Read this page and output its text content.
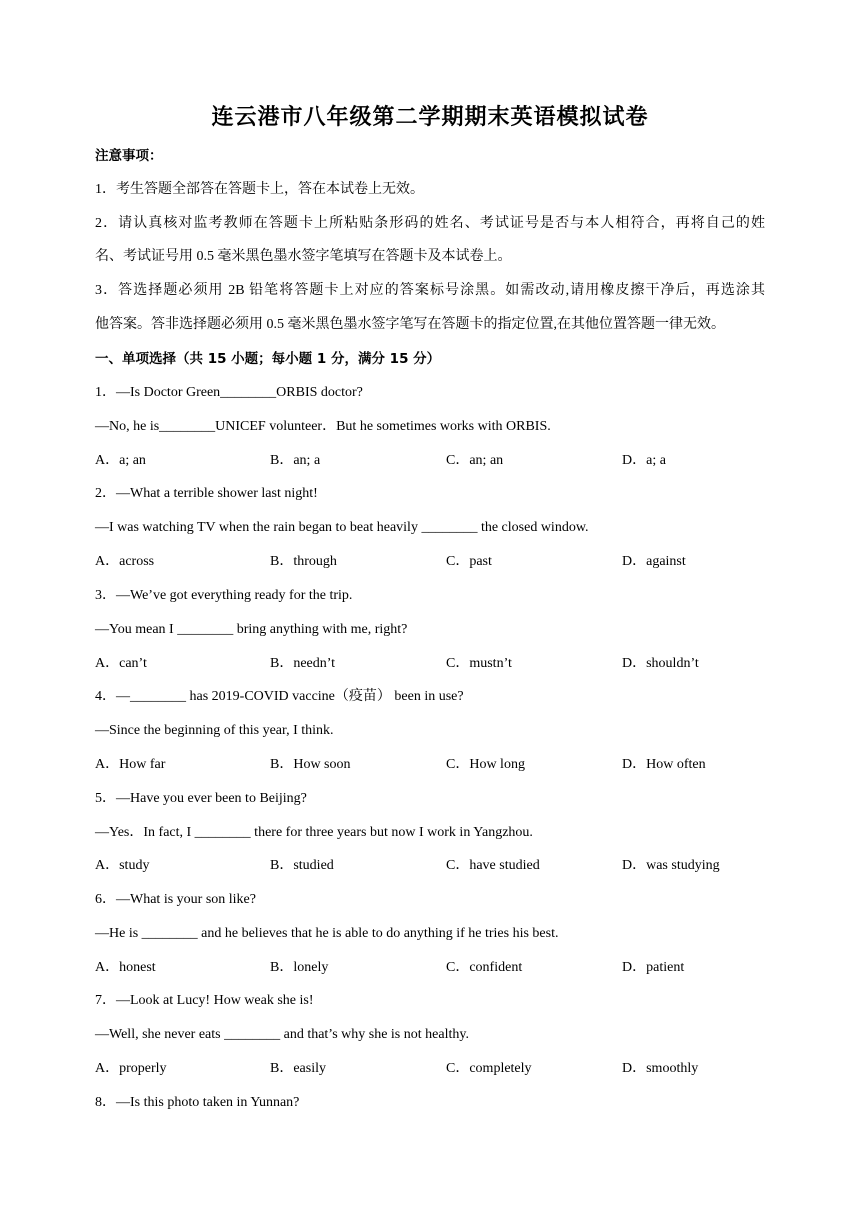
连云港市八年级第二学期期末英语模拟试卷
注意事项：
1．考生答题全部答在答题卡上，答在本试卷上无效。
2．请认真核对监考教师在答题卡上所粘贴条形码的姓名、考试证号是否与本人相符合，再将自己的姓
名、考试证号用 0.5 毫米黑色墨水签字笔填写在答题卡及本试卷上。
3．答选择题必须用 2B 铅笔将答题卡上对应的答案标号涂黑。如需改动,请用橡皮擦干净后，再选涂其
他答案。答非选择题必须用 0.5 毫米黑色墨水签字笔写在答题卡的指定位置,在其他位置答题一律无效。
一、单项选择（共 15 小题；每小题 1 分，满分 15 分）
1．—Is Doctor Green________ORBIS doctor?
—No, he is________UNICEF volunteer．But he sometimes works with ORBIS.
A．a; an	B．an; a	C．an; an	D．a; a
2．—What a terrible shower last night!
—I was watching TV when the rain began to beat heavily ________ the closed window.
A．across	B．through	C．past	D．against
3．—We’ve got everything ready for the trip.
—You mean I ________ bring anything with me, right?
A．can’t	B．needn’t	C．mustn’t	D．shouldn’t
4．—________ has 2019-COVID vaccine（疫苗） been in use?
—Since the beginning of this year, I think.
A．How far	B．How soon	C．How long	D．How often
5．—Have you ever been to Beijing?
—Yes．In fact, I ________ there for three years but now I work in Yangzhou.
A．study	B．studied	C．have studied	D．was studying
6．—What is your son like?
—He is ________ and he believes that he is able to do anything if he tries his best.
A．honest	B．lonely	C．confident	D．patient
7．—Look at Lucy! How weak she is!
—Well, she never eats ________ and that’s why she is not healthy.
A．properly	B．easily	C．completely	D．smoothly
8．—Is this photo taken in Yunnan?
